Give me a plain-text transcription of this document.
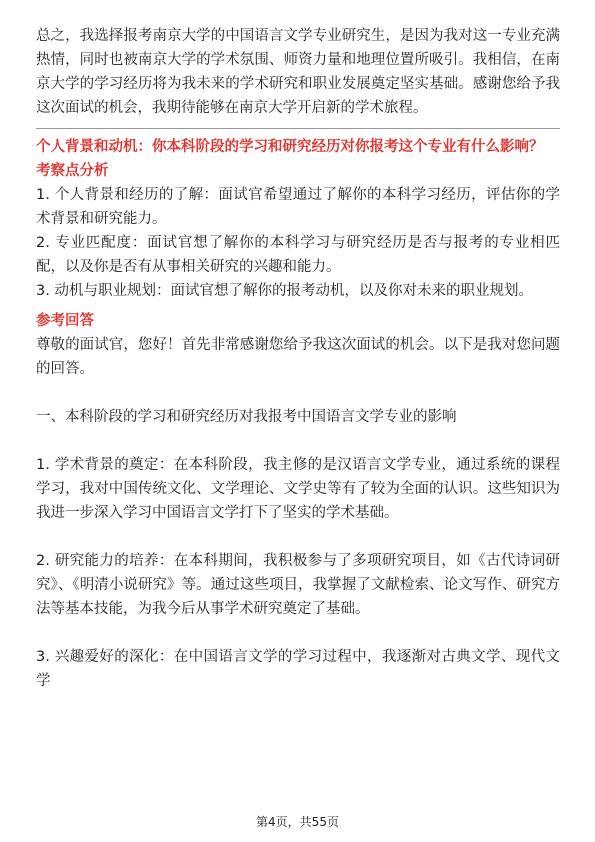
总之，我选择报考南京大学的中国语言文学专业研究生，是因为我对这一专业充满热情，同时也被南京大学的学术氛围、师资力量和地理位置所吸引。我相信，在南京大学的学习经历将为我未来的学术研究和职业发展奠定坚实基础。感谢您给予我这次面试的机会，我期待能够在南京大学开启新的学术旅程。

个人背景和动机：你本科阶段的学习和研究经历对你报考这个专业有什么影响？

考察点分析

1. 个人背景和经历的了解：面试官希望通过了解你的本科学习经历，评估你的学术背景和研究能力。

2. 专业匹配度：面试官想了解你的本科学习与研究经历是否与报考的专业相匹配，以及你是否有从事相关研究的兴趣和能力。

3. 动机与职业规划：面试官想了解你的报考动机，以及你对未来的职业规划。

参考回答

尊敬的面试官，您好！首先非常感谢您给予我这次面试的机会。以下是我对您问题的回答。

一、本科阶段的学习和研究经历对我报考中国语言文学专业的影响

1. 学术背景的奠定：在本科阶段，我主修的是汉语言文学专业，通过系统的课程学习，我对中国传统文化、文学理论、文学史等有了较为全面的认识。这些知识为我进一步深入学习中国语言文学打下了坚实的学术基础。

2. 研究能力的培养：在本科期间，我积极参与了多项研究项目，如《古代诗词研究》、《明清小说研究》等。通过这些项目，我掌握了文献检索、论文写作、研究方法等基本技能，为我今后从事学术研究奠定了基础。

3. 兴趣爱好的深化：在中国语言文学的学习过程中，我逐渐对古典文学、现代文学

第4页，共55页
